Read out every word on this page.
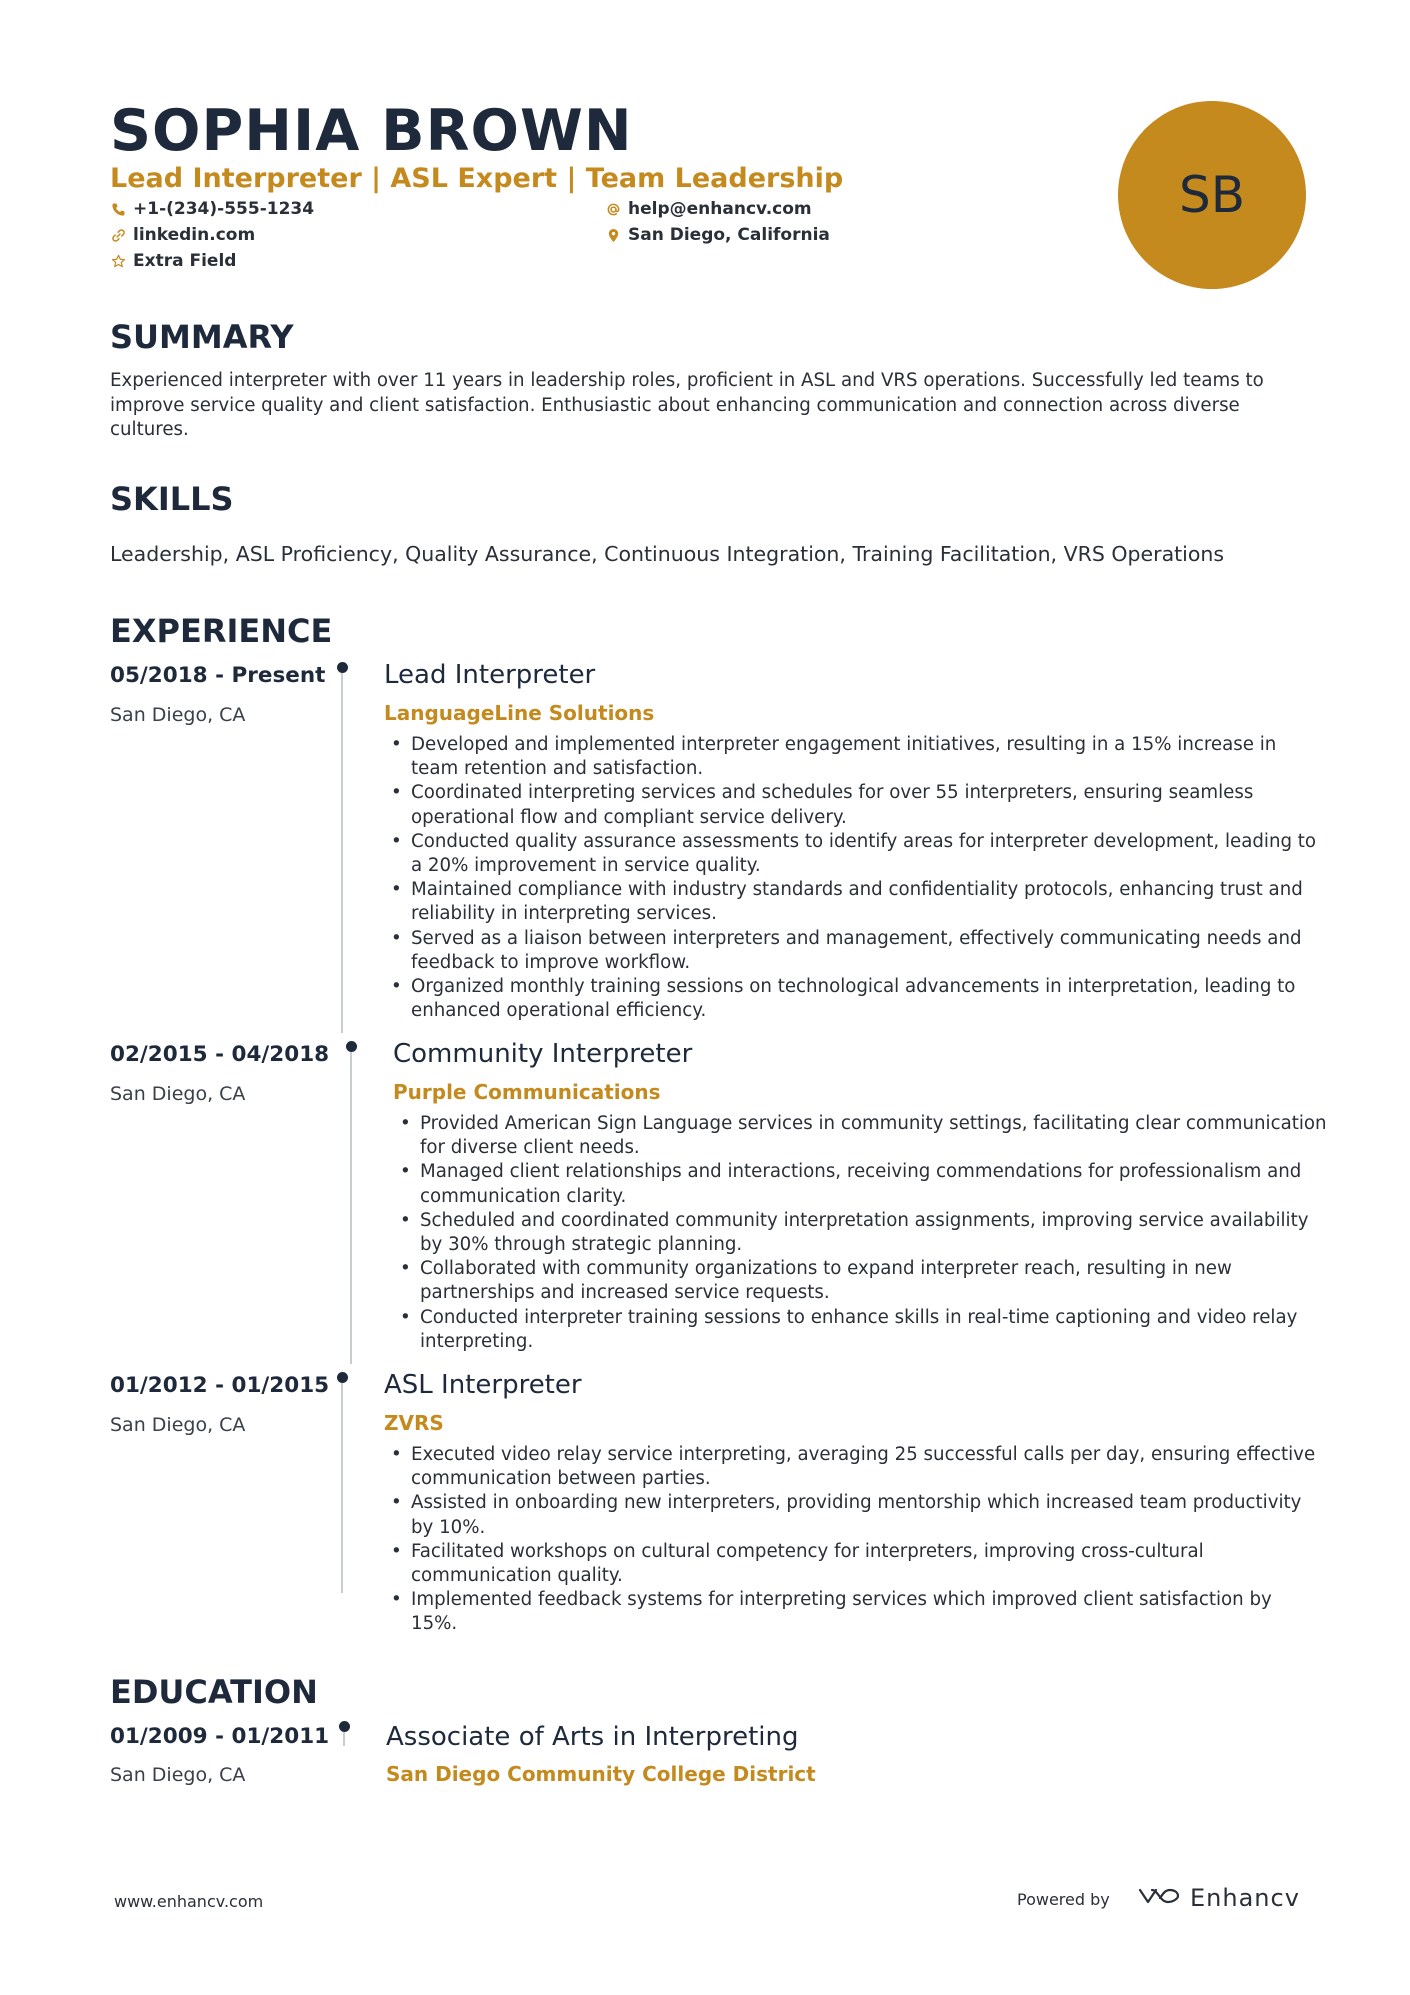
SOPHIA BROWN
Lead Interpreter | ASL Expert | Team Leadership
+1-(234)-555-1234	help@enhancv.com
linkedin.com	San Diego, California
Extra Field
SB
SUMMARY
Experienced interpreter with over 11 years in leadership roles, proficient in ASL and VRS operations. Successfully led teams to improve service quality and client satisfaction. Enthusiastic about enhancing communication and connection across diverse cultures.
SKILLS
Leadership, ASL Proficiency, Quality Assurance, Continuous Integration, Training Facilitation, VRS Operations
EXPERIENCE
05/2018 - Present
San Diego, CA
Lead Interpreter
LanguageLine Solutions
• Developed and implemented interpreter engagement initiatives, resulting in a 15% increase in team retention and satisfaction.
• Coordinated interpreting services and schedules for over 55 interpreters, ensuring seamless operational flow and compliant service delivery.
• Conducted quality assurance assessments to identify areas for interpreter development, leading to a 20% improvement in service quality.
• Maintained compliance with industry standards and confidentiality protocols, enhancing trust and reliability in interpreting services.
• Served as a liaison between interpreters and management, effectively communicating needs and feedback to improve workflow.
• Organized monthly training sessions on technological advancements in interpretation, leading to enhanced operational efficiency.
02/2015 - 04/2018
San Diego, CA
Community Interpreter
Purple Communications
• Provided American Sign Language services in community settings, facilitating clear communication for diverse client needs.
• Managed client relationships and interactions, receiving commendations for professionalism and communication clarity.
• Scheduled and coordinated community interpretation assignments, improving service availability by 30% through strategic planning.
• Collaborated with community organizations to expand interpreter reach, resulting in new partnerships and increased service requests.
• Conducted interpreter training sessions to enhance skills in real-time captioning and video relay interpreting.
01/2012 - 01/2015
San Diego, CA
ASL Interpreter
ZVRS
• Executed video relay service interpreting, averaging 25 successful calls per day, ensuring effective communication between parties.
• Assisted in onboarding new interpreters, providing mentorship which increased team productivity by 10%.
• Facilitated workshops on cultural competency for interpreters, improving cross-cultural communication quality.
• Implemented feedback systems for interpreting services which improved client satisfaction by 15%.
EDUCATION
01/2009 - 01/2011
San Diego, CA
Associate of Arts in Interpreting
San Diego Community College District
www.enhancv.com	Powered by	Enhancv
